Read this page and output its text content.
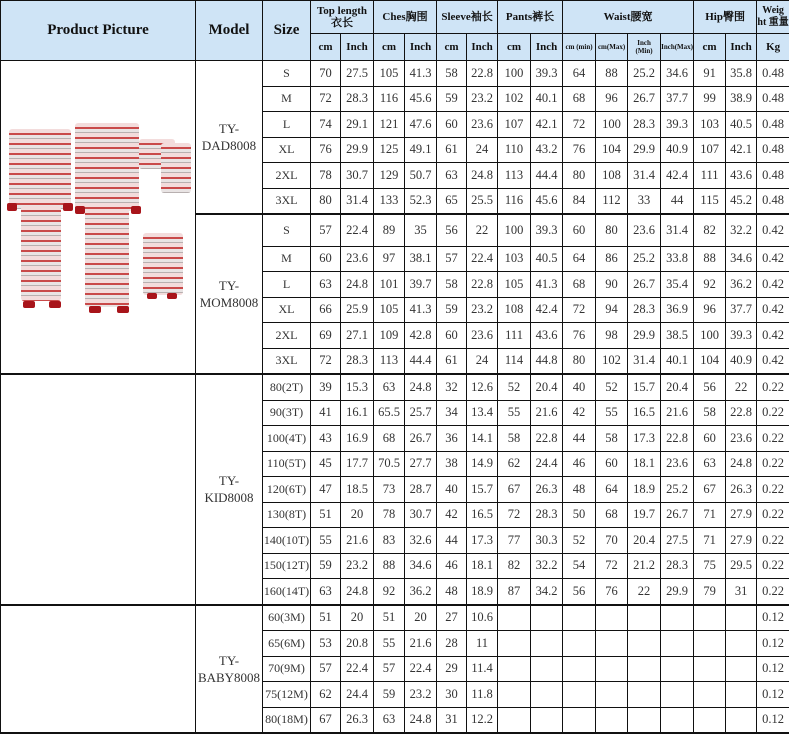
Product Picture	Model	Size	Top length 衣长		Ches胸围		Sleeve袖长		Pants裤长		Waist腰宽				Hip臀围		Weig ht 重量
			cm	Inch	cm	Inch	cm	Inch	cm	Inch	cm (min)	cm(Max)	Inch (Min)	Inch(Max)	cm	Inch	Kg

	TY-DAD8008	S	70	27.5	105	41.3	58	22.8	100	39.3	64	88	25.2	34.6	91	35.8	0.48
		M	72	28.3	116	45.6	59	23.2	102	40.1	68	96	26.7	37.7	99	38.9	0.48
		L	74	29.1	121	47.6	60	23.6	107	42.1	72	100	28.3	39.3	103	40.5	0.48
		XL	76	29.9	125	49.1	61	24	110	43.2	76	104	29.9	40.9	107	42.1	0.48
		2XL	78	30.7	129	50.7	63	24.8	113	44.4	80	108	31.4	42.4	111	43.6	0.48
		3XL	80	31.4	133	52.3	65	25.5	116	45.6	84	112	33	44	115	45.2	0.48
	TY-MOM8008	S	57	22.4	89	35	56	22	100	39.3	60	80	23.6	31.4	82	32.2	0.42
		M	60	23.6	97	38.1	57	22.4	103	40.5	64	86	25.2	33.8	88	34.6	0.42
		L	63	24.8	101	39.7	58	22.8	105	41.3	68	90	26.7	35.4	92	36.2	0.42
		XL	66	25.9	105	41.3	59	23.2	108	42.4	72	94	28.3	36.9	96	37.7	0.42
		2XL	69	27.1	109	42.8	60	23.6	111	43.6	76	98	29.9	38.5	100	39.3	0.42
		3XL	72	28.3	113	44.4	61	24	114	44.8	80	102	31.4	40.1	104	40.9	0.42
	TY-KID8008	80(2T)	39	15.3	63	24.8	32	12.6	52	20.4	40	52	15.7	20.4	56	22	0.22
		90(3T)	41	16.1	65.5	25.7	34	13.4	55	21.6	42	55	16.5	21.6	58	22.8	0.22
		100(4T)	43	16.9	68	26.7	36	14.1	58	22.8	44	58	17.3	22.8	60	23.6	0.22
		110(5T)	45	17.7	70.5	27.7	38	14.9	62	24.4	46	60	18.1	23.6	63	24.8	0.22
		120(6T)	47	18.5	73	28.7	40	15.7	67	26.3	48	64	18.9	25.2	67	26.3	0.22
		130(8T)	51	20	78	30.7	42	16.5	72	28.3	50	68	19.7	26.7	71	27.9	0.22
		140(10T)	55	21.6	83	32.6	44	17.3	77	30.3	52	70	20.4	27.5	71	27.9	0.22
		150(12T)	59	23.2	88	34.6	46	18.1	82	32.2	54	72	21.2	28.3	75	29.5	0.22
		160(14T)	63	24.8	92	36.2	48	18.9	87	34.2	56	76	22	29.9	79	31	0.22
	TY-BABY8008	60(3M)	51	20	51	20	27	10.6									0.12
		65(6M)	53	20.8	55	21.6	28	11									0.12
		70(9M)	57	22.4	57	22.4	29	11.4									0.12
		75(12M)	62	24.4	59	23.2	30	11.8									0.12
		80(18M)	67	26.3	63	24.8	31	12.2									0.12
